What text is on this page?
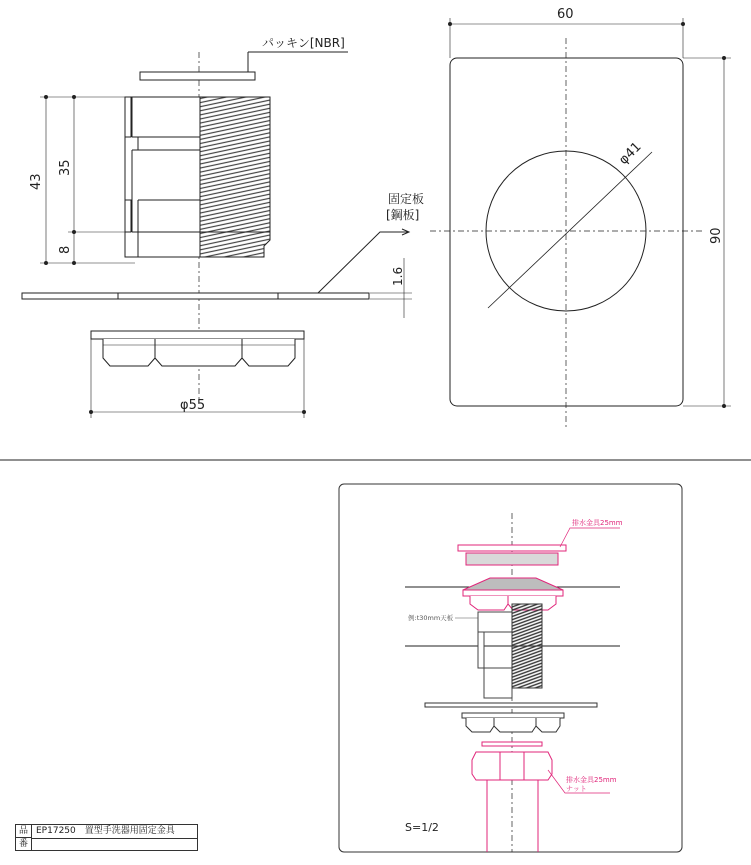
パッキン[NBR]
43
35
8
固定板
[鋼板]
1.6
φ55
60
90
φ41
排水金具25mm
例:t30mm天板
排水金具25mm
ナット
S=1/2
品
番
EP17250　置型手洗器用固定金具
